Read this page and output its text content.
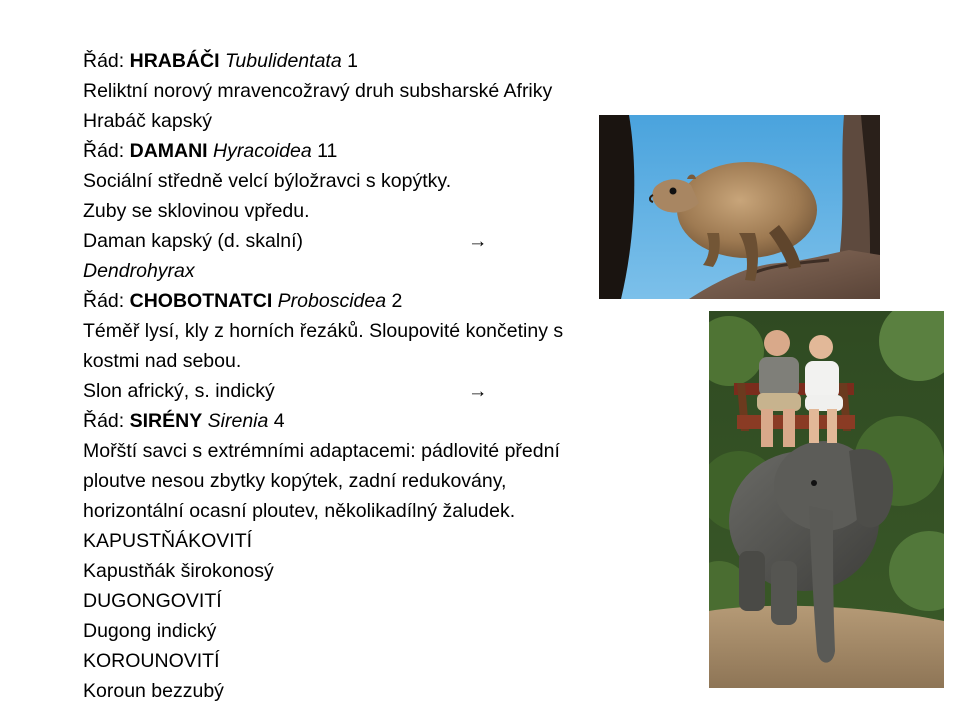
Řád: HRABÁČI Tubulidentata 1
Reliktní norový mravencožravý druh subsharské Afriky
Hrabáč kapský
Řád: DAMANI Hyracoidea 11
Sociální středně velcí býložravci s kopýtky.
Zuby se sklovinou vpředu.
Daman kapský (d. skalní)	→
Dendrohyrax
Řád: CHOBOTNATCI Proboscidea 2
Téměř lysí, kly z horních řezáků. Sloupovité končetiny s
kostmi nad sebou.
Slon africký, s. indický	→
Řád: SIRÉNY Sirenia 4
Mořští savci s extrémními adaptacemi: pádlovité přední
ploutve nesou zbytky kopýtek, zadní redukovány,
horizontální ocasní ploutev, několikadílný žaludek.
KAPUSTŇÁKOVITÍ
Kapustňák širokonosý
DUGONGOVITÍ
Dugong indický
KOROUNOVITÍ
Koroun bezzubý
